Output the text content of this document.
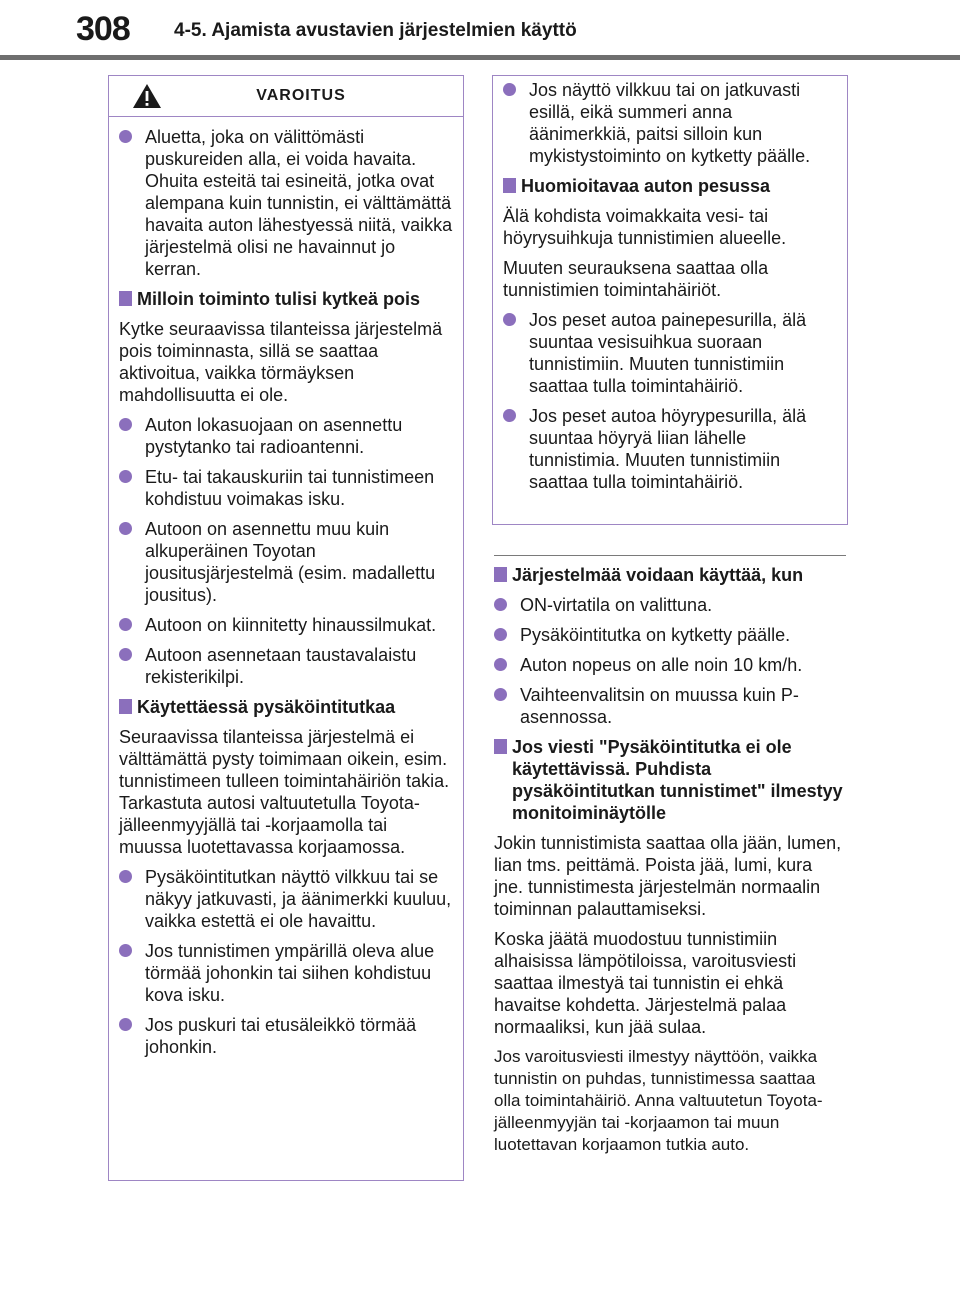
308 4-5. Ajamista avustavien järjestelmien käyttö
VAROITUS
Aluetta, joka on välittömästi puskureiden alla, ei voida havaita. Ohuita esteitä tai esineitä, jotka ovat alempana kuin tunnistin, ei välttämättä havaita auton lähestyessä niitä, vaikka järjestelmä olisi ne havainnut jo kerran.
Milloin toiminto tulisi kytkeä pois
Kytke seuraavissa tilanteissa järjestelmä pois toiminnasta, sillä se saattaa aktivoitua, vaikka törmäyksen mahdollisuutta ei ole.
Auton lokasuojaan on asennettu pystytanko tai radioantenni.
Etu- tai takauskuriin tai tunnistimeen kohdistuu voimakas isku.
Autoon on asennettu muu kuin alkuperäinen Toyotan jousitusjärjestelmä (esim. madallettu jousitus).
Autoon on kiinnitetty hinaussilmukat.
Autoon asennetaan taustavalaistu rekisterikilpi.
Käytettäessä pysäköintitutkaa
Seuraavissa tilanteissa järjestelmä ei välttämättä pysty toimimaan oikein, esim. tunnistimeen tulleen toimintahäiriön takia. Tarkastuta autosi valtuutetulla Toyota-jälleenmyyjällä tai -korjaamolla tai muussa luotettavassa korjaamossa.
Pysäköintitutkan näyttö vilkkuu tai se näkyy jatkuvasti, ja äänimerkki kuuluu, vaikka estettä ei ole havaittu.
Jos tunnistimen ympärillä oleva alue törmää johonkin tai siihen kohdistuu kova isku.
Jos puskuri tai etusäleikkö törmää johonkin.
Jos näyttö vilkkuu tai on jatkuvasti esillä, eikä summeri anna äänimerkkiä, paitsi silloin kun mykistystoiminto on kytketty päälle.
Huomioitavaa auton pesussa
Älä kohdista voimakkaita vesi- tai höyrysuihkuja tunnistimien alueelle.
Muuten seurauksena saattaa olla tunnistimien toimintahäiriöt.
Jos peset autoa painepesurilla, älä suuntaa vesisuihkua suoraan tunnistimiin. Muuten tunnistimiin saattaa tulla toimintahäiriö.
Jos peset autoa höyrypesurilla, älä suuntaa höyryä liian lähelle tunnistimia. Muuten tunnistimiin saattaa tulla toimintahäiriö.
Järjestelmää voidaan käyttää, kun
ON-virtatila on valittuna.
Pysäköintitutka on kytketty päälle.
Auton nopeus on alle noin 10 km/h.
Vaihteenvalitsin on muussa kuin P-asennossa.
Jos viesti "Pysäköintitutka ei ole käytettävissä. Puhdista pysäköintitutkan tunnistimet" ilmestyy monitoiminäytölle
Jokin tunnistimista saattaa olla jään, lumen, lian tms. peittämä. Poista jää, lumi, kura jne. tunnistimesta järjestelmän normaalin toiminnan palauttamiseksi.
Koska jäätä muodostuu tunnistimiin alhaisissa lämpötiloissa, varoitusviesti saattaa ilmestyä tai tunnistin ei ehkä havaitse kohdetta. Järjestelmä palaa normaaliksi, kun jää sulaa.
Jos varoitusviesti ilmestyy näyttöön, vaikka tunnistin on puhdas, tunnistimessa saattaa olla toimintahäiriö. Anna valtuutetun Toyota-jälleenmyyjän tai -korjaamon tai muun luotettavan korjaamon tutkia auto.
